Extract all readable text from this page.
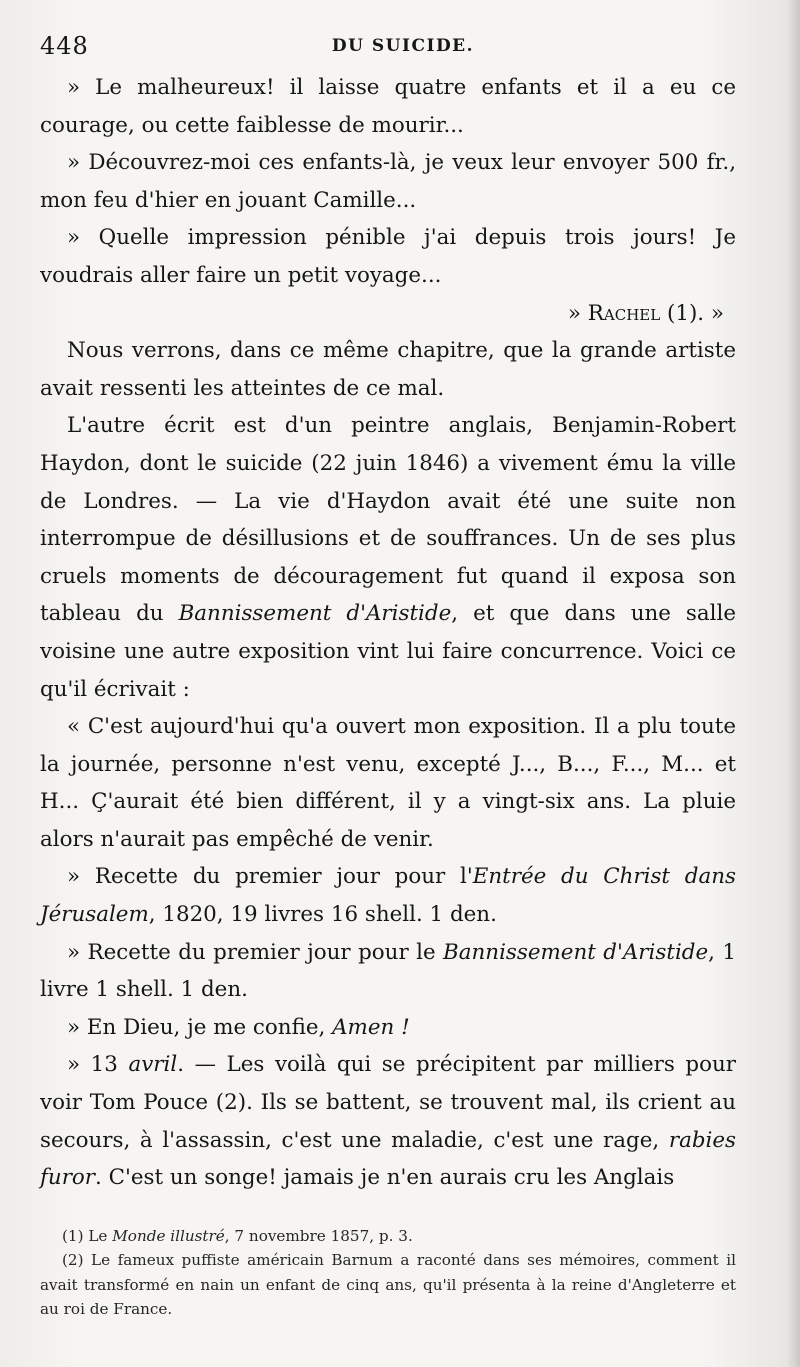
448	DU SUICIDE.

» Le malheureux! il laisse quatre enfants et il a eu ce courage, ou cette faiblesse de mourir...

» Découvrez-moi ces enfants-là, je veux leur envoyer 500 fr., mon feu d'hier en jouant Camille...

» Quelle impression pénible j'ai depuis trois jours! Je voudrais aller faire un petit voyage...

» Rachel (1). »

Nous verrons, dans ce même chapitre, que la grande artiste avait ressenti les atteintes de ce mal.

L'autre écrit est d'un peintre anglais, Benjamin-Robert Haydon, dont le suicide (22 juin 1846) a vivement ému la ville de Londres. — La vie d'Haydon avait été une suite non interrompue de désillusions et de souffrances. Un de ses plus cruels moments de découragement fut quand il exposa son tableau du Bannissement d'Aristide, et que dans une salle voisine une autre exposition vint lui faire concurrence. Voici ce qu'il écrivait :

« C'est aujourd'hui qu'a ouvert mon exposition. Il a plu toute la journée, personne n'est venu, excepté J..., B..., F..., M... et H... Ç'aurait été bien différent, il y a vingt-six ans. La pluie alors n'aurait pas empêché de venir.

» Recette du premier jour pour l'Entrée du Christ dans Jérusalem, 1820, 19 livres 16 shell. 1 den.

» Recette du premier jour pour le Bannissement d'Aristide, 1 livre 1 shell. 1 den.

» En Dieu, je me confie, Amen !

» 13 avril. — Les voilà qui se précipitent par milliers pour voir Tom Pouce (2). Ils se battent, se trouvent mal, ils crient au secours, à l'assassin, c'est une maladie, c'est une rage, rabies furor. C'est un songe! jamais je n'en aurais cru les Anglais

(1) Le Monde illustré, 7 novembre 1857, p. 3.

(2) Le fameux puffiste américain Barnum a raconté dans ses mémoires, comment il avait transformé en nain un enfant de cinq ans, qu'il présenta à la reine d'Angleterre et au roi de France.
